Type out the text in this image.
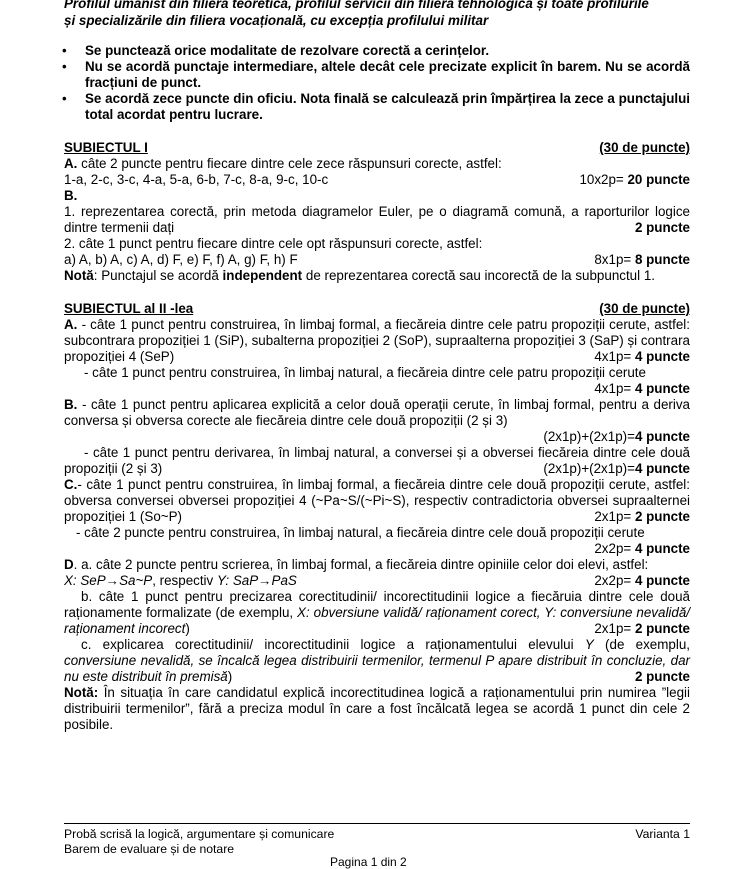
Profilul umanist din filiera teoretică, profilul servicii din filiera tehnologică și toate profilurile
și specializările din filiera vocațională, cu excepția profilului militar
• Se punctează orice modalitate de rezolvare corectă a cerințelor.
• Nu se acordă punctaje intermediare, altele decât cele precizate explicit în barem. Nu se acordă fracțiuni de punct.
• Se acordă zece puncte din oficiu. Nota finală se calculează prin împărțirea la zece a punctajului total acordat pentru lucrare.
SUBIECTUL I	(30 de puncte)
A. câte 2 puncte pentru fiecare dintre cele zece răspunsuri corecte, astfel:
1-a, 2-c, 3-c, 4-a, 5-a, 6-b, 7-c, 8-a, 9-c, 10-c	10x2p= 20 puncte
B.
1. reprezentarea corectă, prin metoda diagramelor Euler, pe o diagramă comună, a raporturilor logice dintre termenii dați	2 puncte
2. câte 1 punct pentru fiecare dintre cele opt răspunsuri corecte, astfel:
a) A, b) A, c) A, d) F, e) F, f) A, g) F, h) F	8x1p= 8 puncte
Notă: Punctajul se acordă independent de reprezentarea corectă sau incorectă de la subpunctul 1.
SUBIECTUL al II -lea	(30 de puncte)
A. - câte 1 punct pentru construirea, în limbaj formal, a fiecăreia dintre cele patru propoziții cerute, astfel: subcontrara propoziției 1 (SiP), subalterna propoziției 2 (SoP), supraalterna propoziției 3 (SaP) și contrara propoziției 4 (SeP)	4x1p= 4 puncte
- câte 1 punct pentru construirea, în limbaj natural, a fiecăreia dintre cele patru propoziții cerute
4x1p= 4 puncte
B. - câte 1 punct pentru aplicarea explicită a celor două operații cerute, în limbaj formal, pentru a deriva conversa și obversa corecte ale fiecăreia dintre cele două propoziții (2 și 3)
(2x1p)+(2x1p)=4 puncte
- câte 1 punct pentru derivarea, în limbaj natural, a conversei și a obversei fiecăreia dintre cele două propoziții (2 și 3)	(2x1p)+(2x1p)=4 puncte
C.- câte 1 punct pentru construirea, în limbaj formal, a fiecăreia dintre cele două propoziții cerute, astfel: obversa conversei obversei propoziției 4 (~Pa~S/(~Pi~S), respectiv contradictoria obversei supraalternei propoziției 1 (So~P)	2x1p= 2 puncte
- câte 2 puncte pentru construirea, în limbaj natural, a fiecăreia dintre cele două propoziții cerute
2x2p= 4 puncte
D. a. câte 2 puncte pentru scrierea, în limbaj formal, a fiecăreia dintre opiniile celor doi elevi, astfel:
X: SeP→Sa~P, respectiv Y: SaP→PaS	2x2p= 4 puncte
b. câte 1 punct pentru precizarea corectitudinii/ incorectitudinii logice a fiecăruia dintre cele două raționamente formalizate (de exemplu, X: obversiune validă/ raționament corect, Y: conversiune nevalidă/ raționament incorect)	2x1p= 2 puncte
c. explicarea corectitudinii/ incorectitudinii logice a raționamentului elevului Y (de exemplu, conversiune nevalidă, se încalcă legea distribuirii termenilor, termenul P apare distribuit în concluzie, dar nu este distribuit în premisă)	2 puncte
Notă: În situația în care candidatul explică incorectitudinea logică a raționamentului prin numirea ”legii distribuirii termenilor”, fără a preciza modul în care a fost încălcată legea se acordă 1 punct din cele 2 posibile.
Probă scrisă la logică, argumentare și comunicare	Varianta 1
Barem de evaluare și de notare
Pagina 1 din 2
